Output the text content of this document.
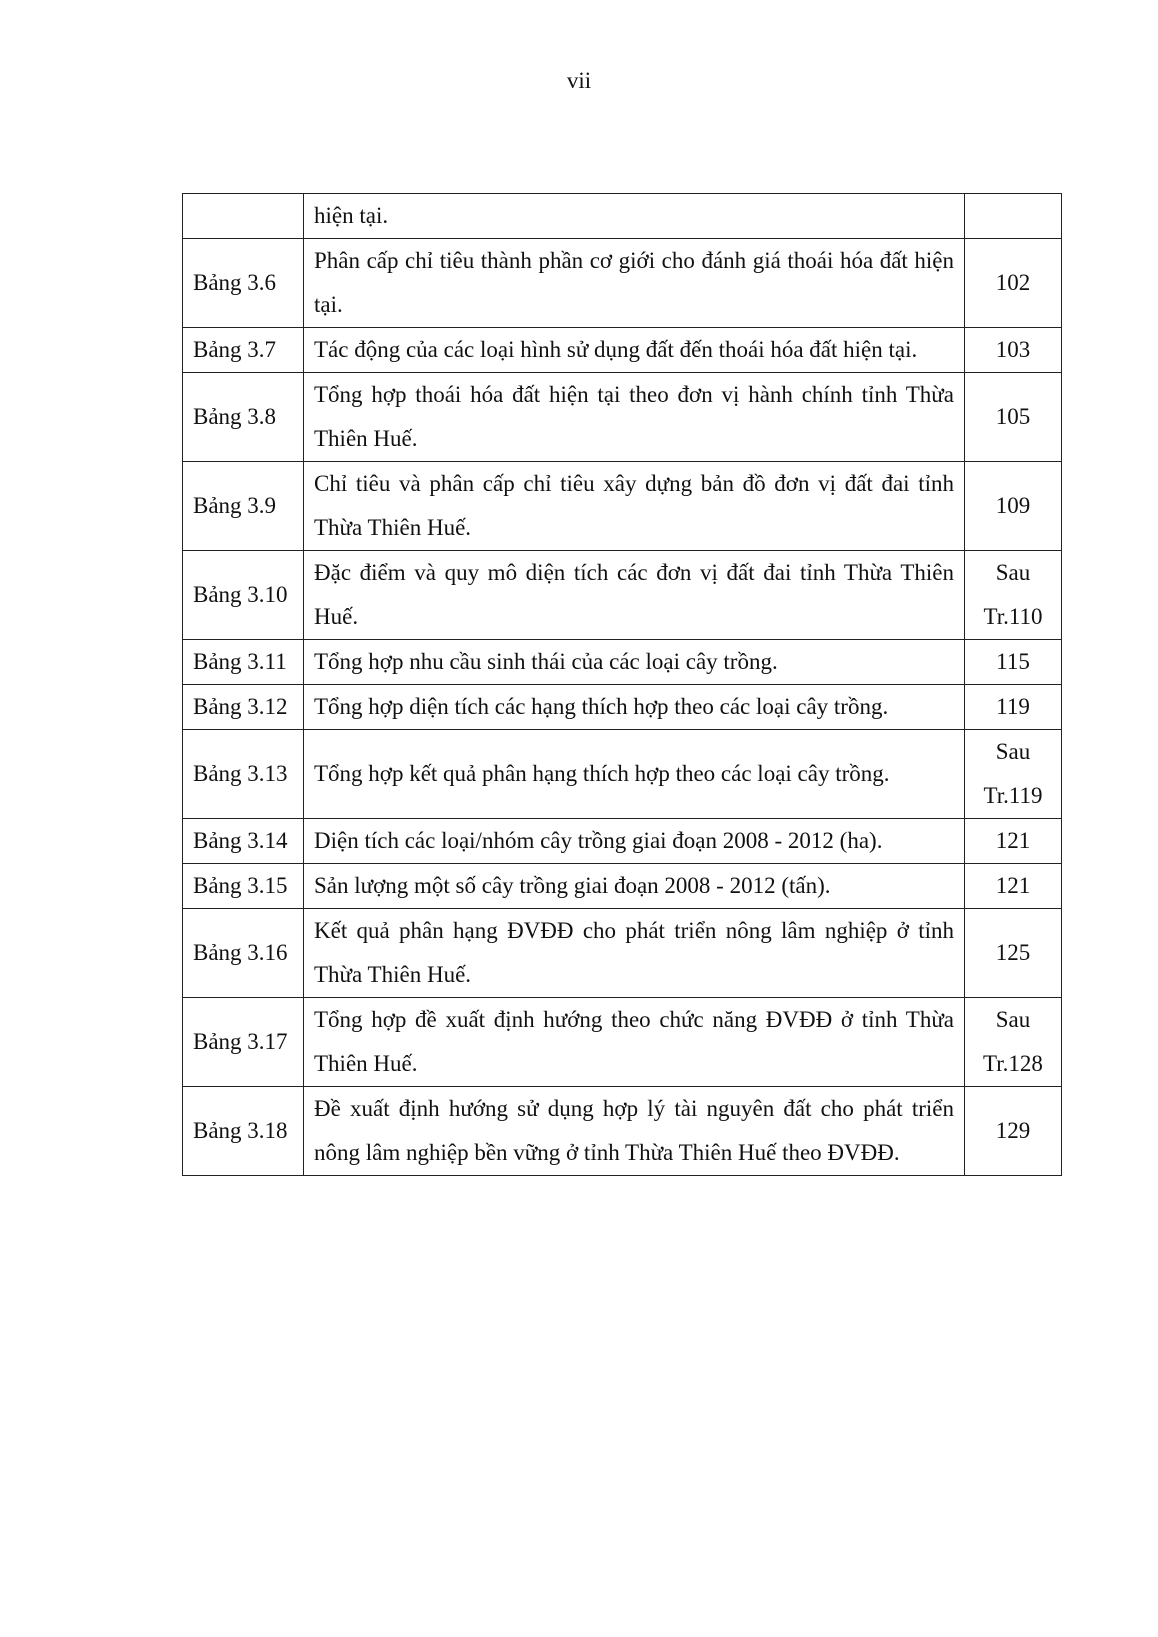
vii
	hiện tại.	
Bảng 3.6	Phân cấp chỉ tiêu thành phần cơ giới cho đánh giá thoái hóa đất hiện tại.	102

Bảng 3.7	Tác động của các loại hình sử dụng đất đến thoái hóa đất hiện tại.	103

Bảng 3.8	Tổng hợp thoái hóa đất hiện tại theo đơn vị hành chính tỉnh Thừa Thiên Huế.	105

Bảng 3.9	Chỉ tiêu và phân cấp chỉ tiêu xây dựng bản đồ đơn vị đất đai tỉnh Thừa Thiên Huế.	109

Bảng 3.10	Đặc điểm và quy mô diện tích các đơn vị đất đai tỉnh Thừa Thiên Huế.	Sau
Tr.110

Bảng 3.11	Tổng hợp nhu cầu sinh thái của các loại cây trồng.	115

Bảng 3.12	Tổng hợp diện tích các hạng thích hợp theo các loại cây trồng.	119

Bảng 3.13	Tổng hợp kết quả phân hạng thích hợp theo các loại cây trồng.	Sau
Tr.119

Bảng 3.14	Diện tích các loại/nhóm cây trồng giai đoạn 2008 - 2012 (ha).	121

Bảng 3.15	Sản lượng một số cây trồng giai đoạn 2008 - 2012 (tấn).	121

Bảng 3.16	Kết quả phân hạng ĐVĐĐ cho phát triển nông lâm nghiệp ở tỉnh Thừa Thiên Huế.	125

Bảng 3.17	Tổng hợp đề xuất định hướng theo chức năng ĐVĐĐ ở tỉnh Thừa Thiên Huế.	Sau
Tr.128

Bảng 3.18	Đề xuất định hướng sử dụng hợp lý tài nguyên đất cho phát triển nông lâm nghiệp bền vững ở tỉnh Thừa Thiên Huế theo ĐVĐĐ.	129
